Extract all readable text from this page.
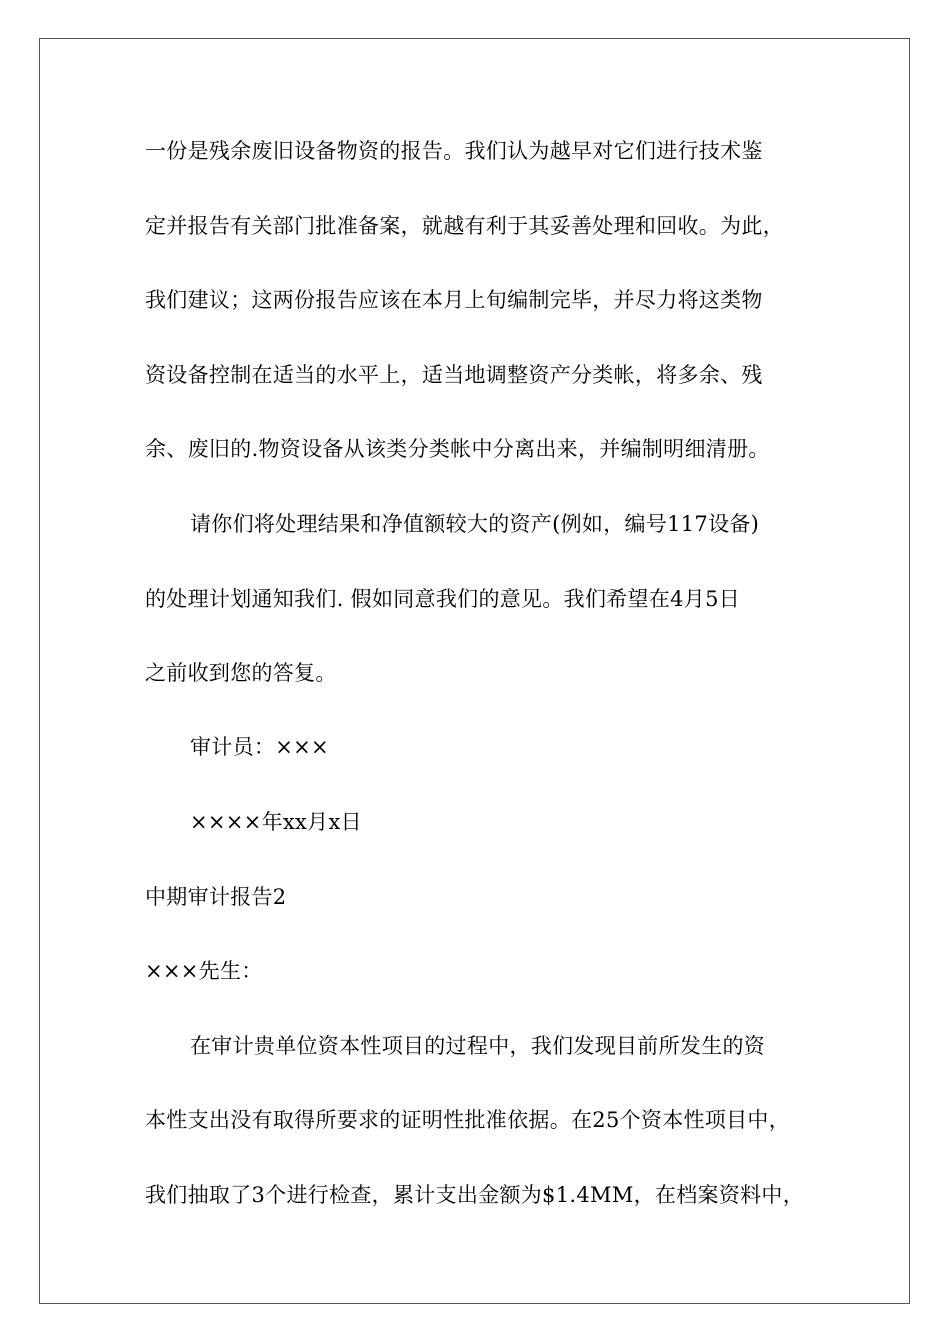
一份是残余废旧设备物资的报告。我们认为越早对它们进行技术鉴
定并报告有关部门批准备案，就越有利于其妥善处理和回收。为此，
我们建议；这两份报告应该在本月上旬编制完毕，并尽力将这类物
资设备控制在适当的水平上，适当地调整资产分类帐，将多余、残
余、废旧的.物资设备从该类分类帐中分离出来，并编制明细清册。
请你们将处理结果和净值额较大的资产(例如，编号117设备)
的处理计划通知我们. 假如同意我们的意见。我们希望在4月5日
之前收到您的答复。
审计员：×××
××××年xx月x日
中期审计报告2
×××先生：
在审计贵单位资本性项目的过程中，我们发现目前所发生的资
本性支出没有取得所要求的证明性批准依据。在25个资本性项目中，
我们抽取了3个进行检查，累计支出金额为$1.4MM，在档案资料中，
